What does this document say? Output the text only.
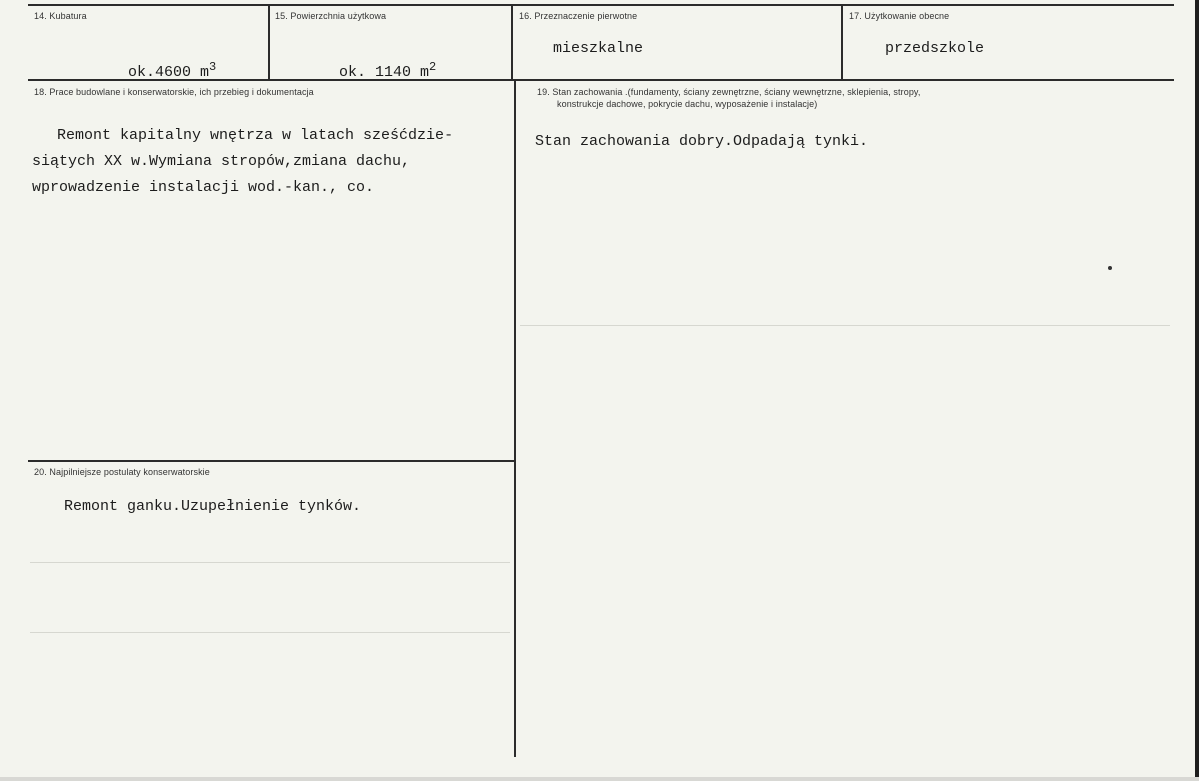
14. Kubatura

ok.4600 $m^3$

15. Powierzchnia użytkowa

ok. 1140 $m^2$

16. Przeznaczenie pierwotne
mieszkalne
17. Użytkowanie obecne
przedszkole
18. Prace budowlane i konserwatorskie, ich przebieg i dokumentacja
Remont kapitalny wnętrza w latach sześćdzie-
siątych XX w.Wymiana stropów,zmiana dachu,
wprowadzenie instalacji wod.-kan., co.
19. Stan zachowania .(fundamenty, ściany zewnętrzne, ściany wewnętrzne, sklepienia, stropy,
konstrukcje dachowe, pokrycie dachu, wyposażenie i instalacje)
Stan zachowania dobry.Odpadają tynki.
20. Najpilniejsze postulaty konserwatorskie
Remont ganku.Uzupełnienie tynków.
